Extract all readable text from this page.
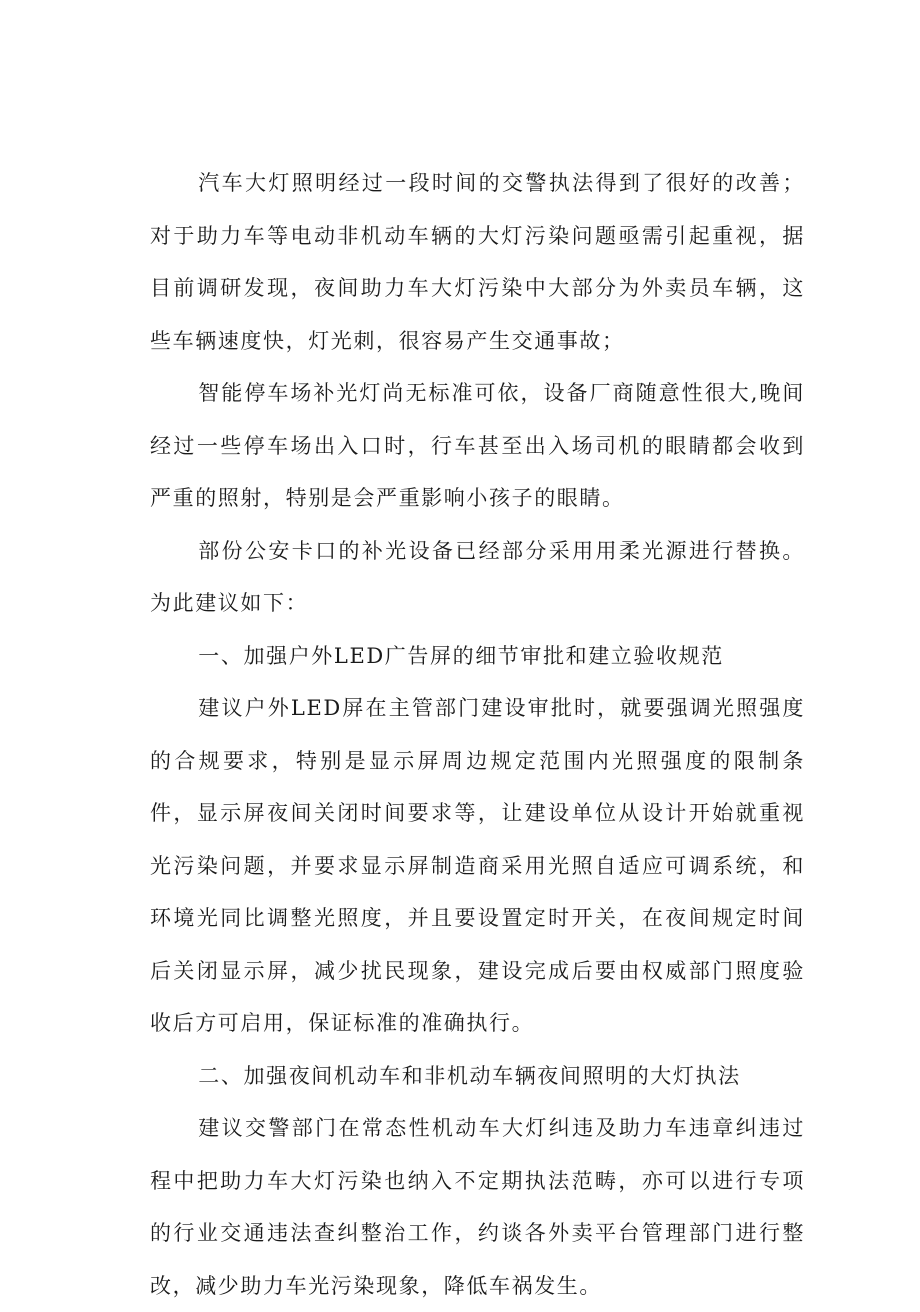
汽车大灯照明经过一段时间的交警执法得到了很好的改善；对于助力车等电动非机动车辆的大灯污染问题亟需引起重视，据目前调研发现，夜间助力车大灯污染中大部分为外卖员车辆，这些车辆速度快，灯光刺，很容易产生交通事故；

智能停车场补光灯尚无标准可依，设备厂商随意性很大,晚间经过一些停车场出入口时，行车甚至出入场司机的眼睛都会收到严重的照射，特别是会严重影响小孩子的眼睛。

部份公安卡口的补光设备已经部分采用用柔光源进行替换。为此建议如下：

一、加强户外LED广告屏的细节审批和建立验收规范

建议户外LED屏在主管部门建设审批时，就要强调光照强度的合规要求，特别是显示屏周边规定范围内光照强度的限制条件，显示屏夜间关闭时间要求等，让建设单位从设计开始就重视光污染问题，并要求显示屏制造商采用光照自适应可调系统，和环境光同比调整光照度，并且要设置定时开关，在夜间规定时间后关闭显示屏，减少扰民现象，建设完成后要由权威部门照度验收后方可启用，保证标准的准确执行。

二、加强夜间机动车和非机动车辆夜间照明的大灯执法

建议交警部门在常态性机动车大灯纠违及助力车违章纠违过程中把助力车大灯污染也纳入不定期执法范畴，亦可以进行专项的行业交通违法查纠整治工作，约谈各外卖平台管理部门进行整改，减少助力车光污染现象，降低车祸发生。
